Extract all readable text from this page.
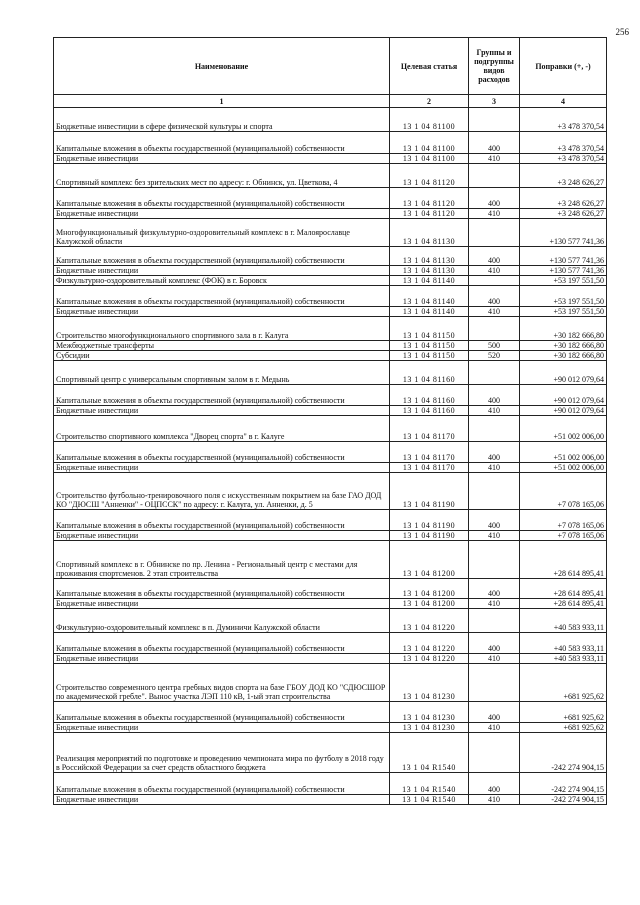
256
Наименование	Целевая статья	Группы и подгруппы видов расходов	Поправки (+, -)
1	2	3	4
Бюджетные инвестиции в сфере физической культуры и спорта	13 1 04 81100		+3 478 370,54
Капитальные вложения в объекты государственной (муниципальной) собственности	13 1 04 81100	400	+3 478 370,54
Бюджетные инвестиции	13 1 04 81100	410	+3 478 370,54
Спортивный комплекс без зрительских мест по адресу: г. Обнинск, ул. Цветкова, 4	13 1 04 81120		+3 248 626,27
Капитальные вложения в объекты государственной (муниципальной) собственности	13 1 04 81120	400	+3 248 626,27
Бюджетные инвестиции	13 1 04 81120	410	+3 248 626,27
Многофункциональный физкультурно-оздоровительный комплекс в г. Малоярославце Калужской области	13 1 04 81130		+130 577 741,36
Капитальные вложения в объекты государственной (муниципальной) собственности	13 1 04 81130	400	+130 577 741,36
Бюджетные инвестиции	13 1 04 81130	410	+130 577 741,36
Физкультурно-оздоровительный комплекс (ФОК) в г. Боровск	13 1 04 81140		+53 197 551,50
Капитальные вложения в объекты государственной (муниципальной) собственности	13 1 04 81140	400	+53 197 551,50
Бюджетные инвестиции	13 1 04 81140	410	+53 197 551,50
Строительство многофункционального спортивного зала в г. Калуга	13 1 04 81150		+30 182 666,80
Межбюджетные трансферты	13 1 04 81150	500	+30 182 666,80
Субсидии	13 1 04 81150	520	+30 182 666,80
Спортивный центр с универсальным спортивным залом в г. Медынь	13 1 04 81160		+90 012 079,64
Капитальные вложения в объекты государственной (муниципальной) собственности	13 1 04 81160	400	+90 012 079,64
Бюджетные инвестиции	13 1 04 81160	410	+90 012 079,64
Строительство спортивного комплекса "Дворец спорта" в г. Калуге	13 1 04 81170		+51 002 006,00
Капитальные вложения в объекты государственной (муниципальной) собственности	13 1 04 81170	400	+51 002 006,00
Бюджетные инвестиции	13 1 04 81170	410	+51 002 006,00
Строительство футбольно-тренировочного поля с искусственным покрытием на базе ГАО ДОД КО "ДЮСШ "Анненки" - ОЦПССК" по адресу: г. Калуга, ул. Анненки, д. 5	13 1 04 81190		+7 078 165,06
Капитальные вложения в объекты государственной (муниципальной) собственности	13 1 04 81190	400	+7 078 165,06
Бюджетные инвестиции	13 1 04 81190	410	+7 078 165,06
Спортивный комплекс в г. Обнинске по пр. Ленина - Региональный центр с местами для проживания спортсменов. 2 этап строительства	13 1 04 81200		+28 614 895,41
Капитальные вложения в объекты государственной (муниципальной) собственности	13 1 04 81200	400	+28 614 895,41
Бюджетные инвестиции	13 1 04 81200	410	+28 614 895,41
Физкультурно-оздоровительный комплекс в п. Думиничи Калужской области	13 1 04 81220		+40 583 933,11
Капитальные вложения в объекты государственной (муниципальной) собственности	13 1 04 81220	400	+40 583 933,11
Бюджетные инвестиции	13 1 04 81220	410	+40 583 933,11
Строительство современного центра гребных видов спорта на базе ГБОУ ДОД КО "СДЮСШОР по академической гребле". Вынос участка ЛЭП 110 кВ, 1-ый этап строительства	13 1 04 81230		+681 925,62
Капитальные вложения в объекты государственной (муниципальной) собственности	13 1 04 81230	400	+681 925,62
Бюджетные инвестиции	13 1 04 81230	410	+681 925,62
Реализация мероприятий по подготовке и проведению чемпионата мира по футболу в 2018 году в Российской Федерации за счет средств областного бюджета	13 1 04 R1540		-242 274 904,15
Капитальные вложения в объекты государственной (муниципальной) собственности	13 1 04 R1540	400	-242 274 904,15
Бюджетные инвестиции	13 1 04 R1540	410	-242 274 904,15
